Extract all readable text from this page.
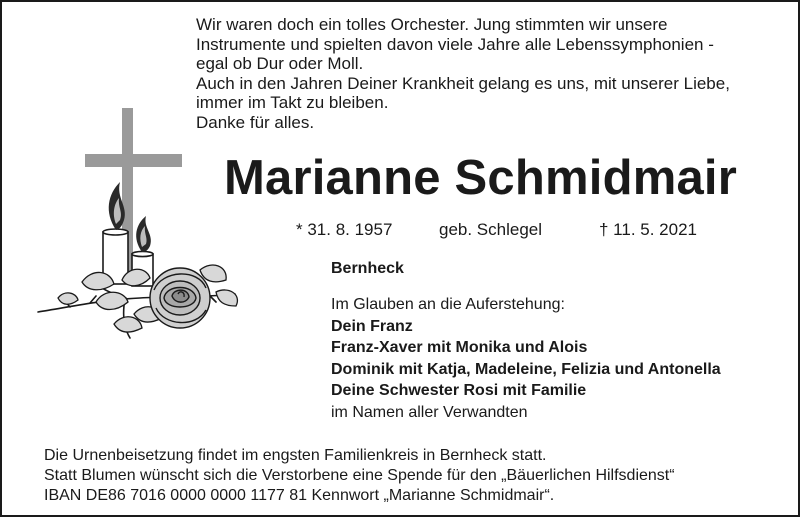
Wir waren doch ein tolles Orchester. Jung stimmten wir unsere
Instrumente und spielten davon viele Jahre alle Lebenssymphonien -
egal ob Dur oder Moll.
Auch in den Jahren Deiner Krankheit gelang es uns, mit unserer Liebe,
immer im Takt zu bleiben.
Danke für alles.
Marianne Schmidmair
* 31. 8. 1957	geb. Schlegel	† 11. 5. 2021
Bernheck
Im Glauben an die Auferstehung:
Dein Franz
Franz-Xaver mit Monika und Alois
Dominik mit Katja, Madeleine, Felizia und Antonella
Deine Schwester Rosi mit Familie
im Namen aller Verwandten
Die Urnenbeisetzung findet im engsten Familienkreis in Bernheck statt.
Statt Blumen wünscht sich die Verstorbene eine Spende für den „Bäuerlichen Hilfsdienst“
IBAN DE86 7016 0000 0000 1177 81 Kennwort „Marianne Schmidmair“.
